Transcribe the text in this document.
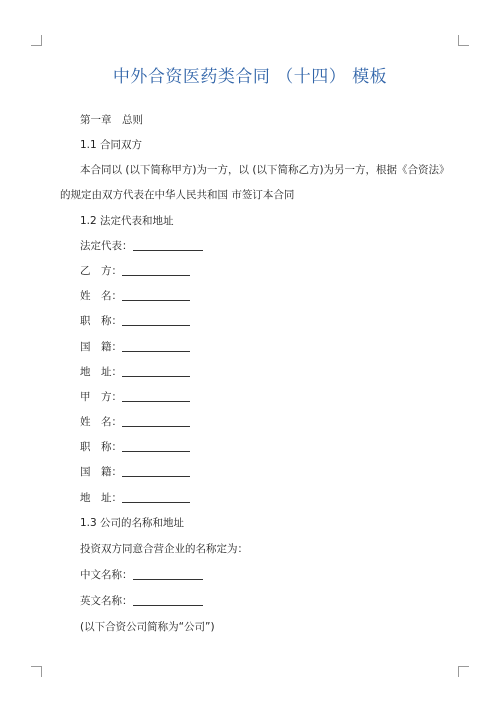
中外合资医药类合同 （十四） 模板
第一章　总则
1.1 合同双方
本合同以 (以下简称甲方)为一方，以 (以下简称乙方)为另一方，根据《合资法》
的规定由双方代表在中华人民共和国 市签订本合同
1.2 法定代表和地址
法定代表：
乙　方：
姓　名：
职　称：
国　籍：
地　址：
甲　方：
姓　名：
职　称：
国　籍：
地　址：
1.3 公司的名称和地址
投资双方同意合营企业的名称定为：
中文名称：
英文名称：
(以下合资公司简称为“公司”)
